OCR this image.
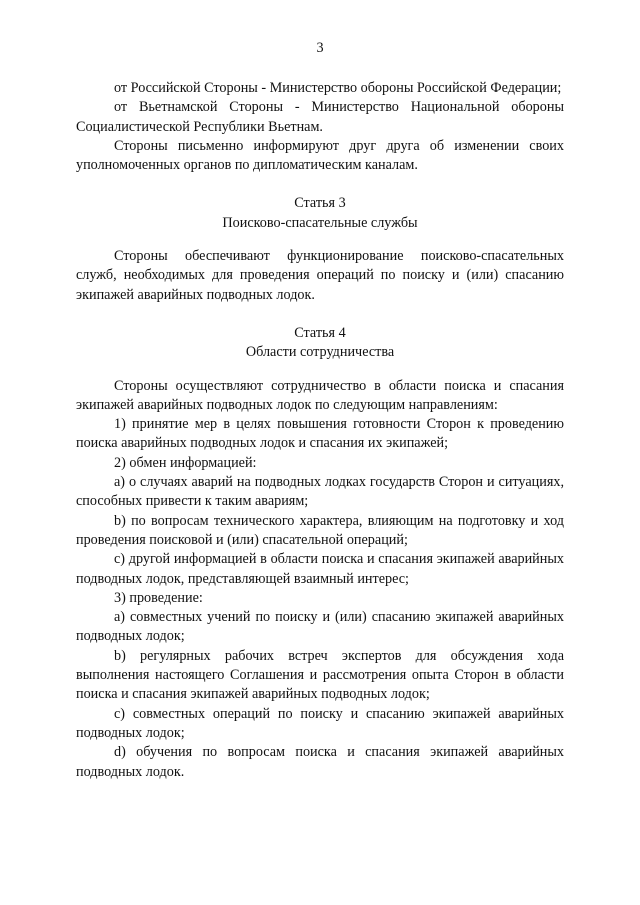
3

от Российской Стороны - Министерство обороны Российской Федерации;

от Вьетнамской Стороны - Министерство Национальной обороны Социалистической Республики Вьетнам.

Стороны письменно информируют друг друга об изменении своих уполномоченных органов по дипломатическим каналам.

Статья 3

Поисково-спасательные службы

Стороны обеспечивают функционирование поисково-спасательных служб, необходимых для проведения операций по поиску и (или) спасанию экипажей аварийных подводных лодок.

Статья 4

Области сотрудничества

Стороны осуществляют сотрудничество в области поиска и спасания экипажей аварийных подводных лодок по следующим направлениям:

1) принятие мер в целях повышения готовности Сторон к проведению поиска аварийных подводных лодок и спасания их экипажей;

2) обмен информацией:

a) о случаях аварий на подводных лодках государств Сторон и ситуациях, способных привести к таким авариям;

b) по вопросам технического характера, влияющим на подготовку и ход проведения поисковой и (или) спасательной операций;

c) другой информацией в области поиска и спасания экипажей аварийных подводных лодок, представляющей взаимный интерес;

3) проведение:

a) совместных учений по поиску и (или) спасанию экипажей аварийных подводных лодок;

b) регулярных рабочих встреч экспертов для обсуждения хода выполнения настоящего Соглашения и рассмотрения опыта Сторон в области поиска и спасания экипажей аварийных подводных лодок;

c) совместных операций по поиску и спасанию экипажей аварийных подводных лодок;

d) обучения по вопросам поиска и спасания экипажей аварийных подводных лодок.
